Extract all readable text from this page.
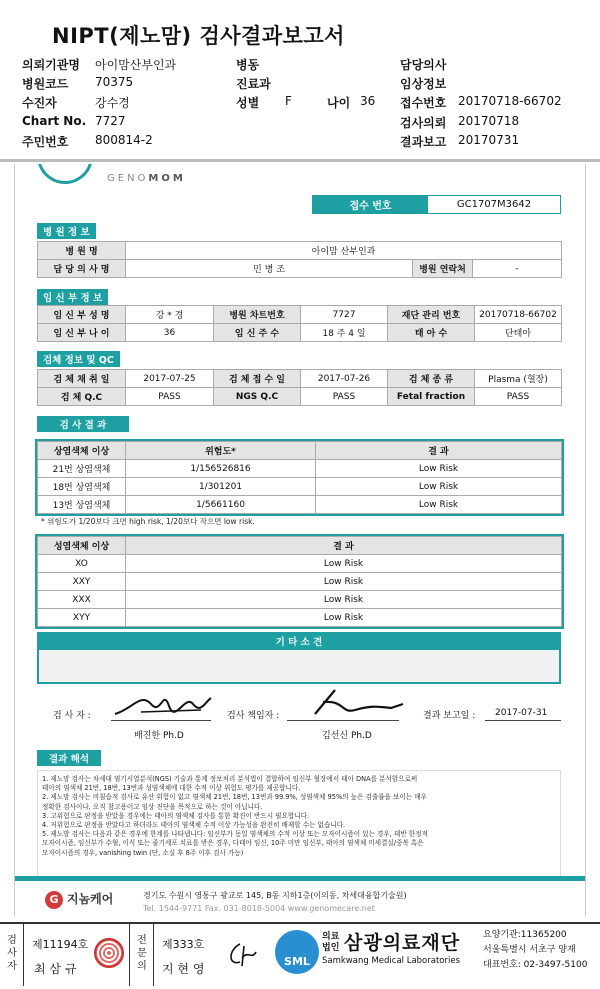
NIPT(제노맘) 검사결과보고서
의뢰기관명 아이맘산부인과
병원코드 70375
수진자	강수경
Chart No. 7727
주민번호 800814-2
병동
진료과
성별 F	나이 36
담당의사
임상정보
접수번호 20170718-66702
검사의뢰 20170718
결과보고 20170731
GENOMOM
접수 번호	GC1707M3642
병 원 정 보
병 원 명	아이맘 산부인과		
담 당 의 사 명	민 병 조	병원 연락처	-
임 신 부 정 보
임 신 부 성 명	강 * 경	병원 차트번호	7727	재단 관리 번호	20170718-66702
임 신 부 나 이	36	임 신 주 수	18 주 4 일	태 아 수	단태아
검체 정보 및 QC
검 체 채 취 일	2017-07-25	검 체 접 수 일	2017-07-26	검 체 종 류	Plasma (혈장)
검 체 Q.C	PASS	NGS Q.C	PASS	Fetal fraction	PASS
검 사 결 과
상염색체 이상	위험도*	결 과
21번 상염색체	1/156526816	Low Risk
18번 상염색체	1/301201	Low Risk
13번 상염색체	1/5661160	Low Risk
* 위험도가 1/20보다 크면 high risk, 1/20보다 작으면 low risk.
성염색체 이상	결 과
XO	Low Risk
XXY	Low Risk
XXX	Low Risk
XYY	Low Risk
기 타 소 견
검 사 자 :
배진한 Ph.D
검사 책임자 :
김선신 Ph.D
결과 보고일 : 2017-07-31
결과 해석
1. 제노맘 검사는 차세대 염기서열분석(NGS) 기술과 통계 정보처리 분석법이 결합하여 임신부 혈장에서 태아 DNA를 분석함으로써
태아의 염색체 21번, 18번, 13번과 성염색체에 대한 수적 이상 위험도 평가를 제공합니다.
2. 제노맘 검사는 비침습적 검사로 유산 위험이 없고 염색체 21번, 18번, 13번과 99.9%, 성염색체 95%의 높은 검출률을 보이는 매우
정확한 검사이나, 오직 참고용이고 임상 진단을 목적으로 하는 것이 아닙니다.
3. 고위험으로 판정을 받았을 경우에는 태아의 염색체 검사를 통한 확진이 반드시 필요합니다.
4. 저위험으로 판정을 받았다고 하더라도 태아의 염색체 수적 이상 가능성을 완전히 배제할 수는 없습니다.
5. 제노맘 검사는 다음과 같은 경우에 한계를 나타냅니다: 임신부가 동일 염색체의 수적 이상 또는 모자이시즘이 있는 경우, 태반 한정적
모자이시즘, 임신부가 수혈, 이식 또는 줄기세포 치료를 받은 경우, 다태아 임신, 10주 미만 임신부, 태아의 염색체 미세결실/중복 혹은
모자이시즘의 경우, vanishing twin (단, 소실 후 8주 이후 검사 가능)
G 지놈케어	경기도 수원시 영통구 광교로 145, B동 지하1층(이의동, 차세대융합기술원)
Tel. 1544-9771 Fax. 031-8018-5004 www.genomecare.net
검
사
자
제11194호
최 삼 규
전
문
의
제333호
지 현 영
SML
의료
법인 삼광의료재단
Samkwang Medical Laboratories
요양기관:11365200
서울특별시 서초구 양재
대표번호: 02-3497-5100
